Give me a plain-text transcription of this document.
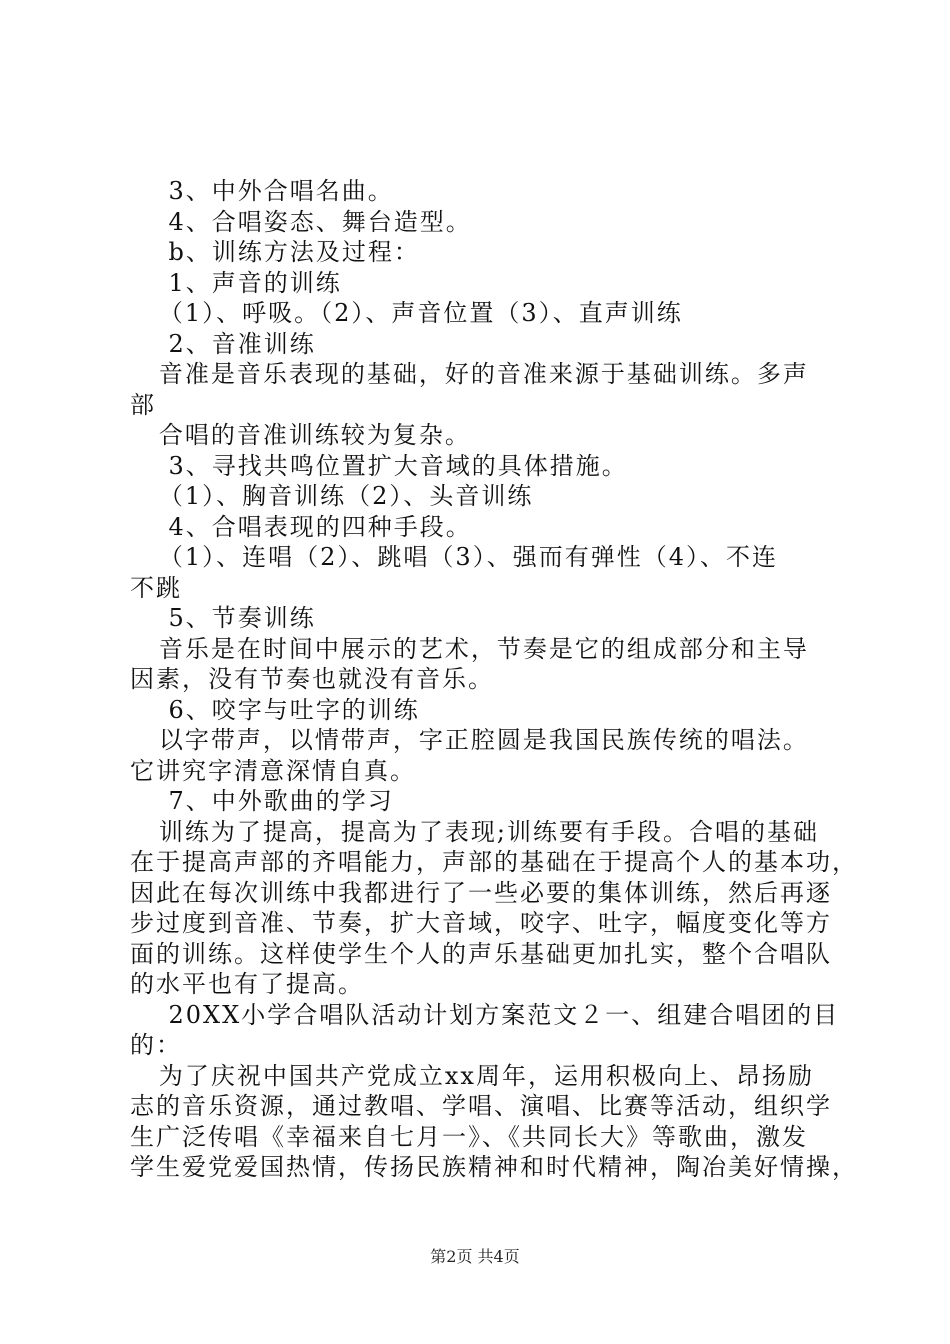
3、中外合唱名曲。
4、合唱姿态、舞台造型。
b、训练方法及过程：
1、声音的训练
（1）、呼吸。（2）、声音位置（3）、直声训练
2、音准训练
音准是音乐表现的基础，好的音准来源于基础训练。多声
部
合唱的音准训练较为复杂。
3、寻找共鸣位置扩大音域的具体措施。
（1）、胸音训练（2）、头音训练
4、合唱表现的四种手段。
（1）、连唱（2）、跳唱（3）、强而有弹性（4）、不连
不跳
5、节奏训练
音乐是在时间中展示的艺术，节奏是它的组成部分和主导
因素，没有节奏也就没有音乐。
6、咬字与吐字的训练
以字带声，以情带声，字正腔圆是我国民族传统的唱法。
它讲究字清意深情自真。
7、中外歌曲的学习
训练为了提高，提高为了表现;训练要有手段。合唱的基础
在于提高声部的齐唱能力，声部的基础在于提高个人的基本功，
因此在每次训练中我都进行了一些必要的集体训练，然后再逐
步过度到音准、节奏，扩大音域，咬字、吐字，幅度变化等方
面的训练。这样使学生个人的声乐基础更加扎实，整个合唱队
的水平也有了提高。
20XX小学合唱队活动计划方案范文２一、组建合唱团的目
的：
为了庆祝中国共产党成立xx周年，运用积极向上、昂扬励
志的音乐资源，通过教唱、学唱、演唱、比赛等活动，组织学
生广泛传唱《幸福来自七月一》、《共同长大》等歌曲，激发
学生爱党爱国热情，传扬民族精神和时代精神，陶冶美好情操，
第2页 共4页
